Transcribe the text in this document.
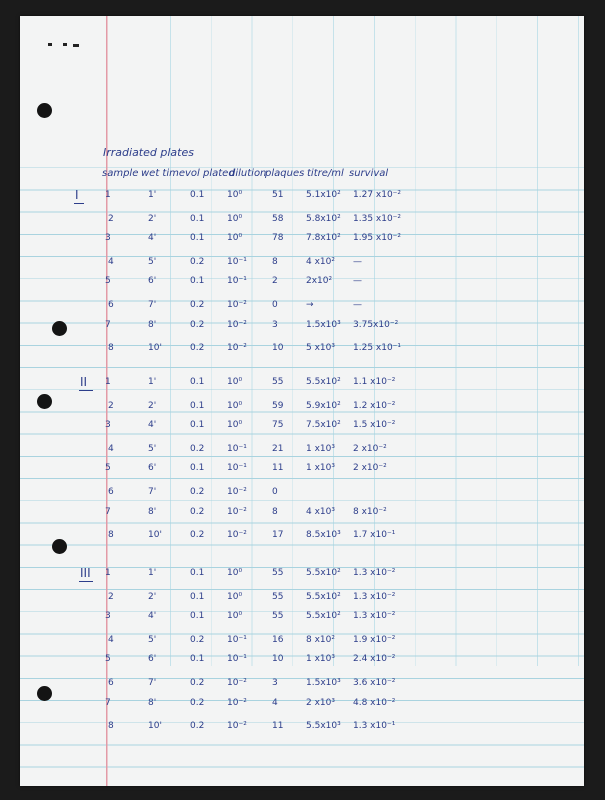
Irradiated plates
sample wet time vol plated
dilution
plaques titre/ml survival
I	1	1'	0.1	10⁰	51	5.1x10² 1.27 x10⁻²
2	2'	0.1	10⁰	58	5.8x10² 1.35 x10⁻²
3	4'	0.1	10⁰	78	7.8x10² 1.95 x10⁻²
4	5'	0.2	10⁻¹	8	4 x10² —
5	6'	0.1	10⁻¹	2	2x10² —
6	7'	0.2	10⁻²	0	→	—
7	8'	0.2	10⁻²	3	1.5x10³ 3.75x10⁻²
8	10'	0.2	10⁻²	10	5 x10³ 1.25 x10⁻¹
II 1	1'	0.1	10⁰	55	5.5x10² 1.1 x10⁻²
2	2'	0.1	10⁰	59	5.9x10² 1.2 x10⁻²
3	4'	0.1	10⁰	75	7.5x10² 1.5 x10⁻²
4	5'	0.2	10⁻¹	21	1 x10³ 2 x10⁻²
5	6'	0.1	10⁻¹	11	1 x10³ 2 x10⁻²
6	7'	0.2	10⁻²	0
7	8'	0.2	10⁻²	8	4 x10³ 8 x10⁻²
8	10'	0.2	10⁻²	17	8.5x10³ 1.7 x10⁻¹
III 1	1'	0.1	10⁰	55	5.5x10² 1.3 x10⁻²
2	2'	0.1	10⁰	55	5.5x10² 1.3 x10⁻²
3	4'	0.1	10⁰	55	5.5x10² 1.3 x10⁻²
4	5'	0.2	10⁻¹	16	8 x10² 1.9 x10⁻²
5	6'	0.1	10⁻¹	10	1 x10³ 2.4 x10⁻²
6	7'	0.2	10⁻²	3	1.5x10³ 3.6 x10⁻²
7	8'	0.2	10⁻²	4	2 x10³ 4.8 x10⁻²
8	10'	0.2	10⁻²	11	5.5x10³ 1.3 x10⁻¹
